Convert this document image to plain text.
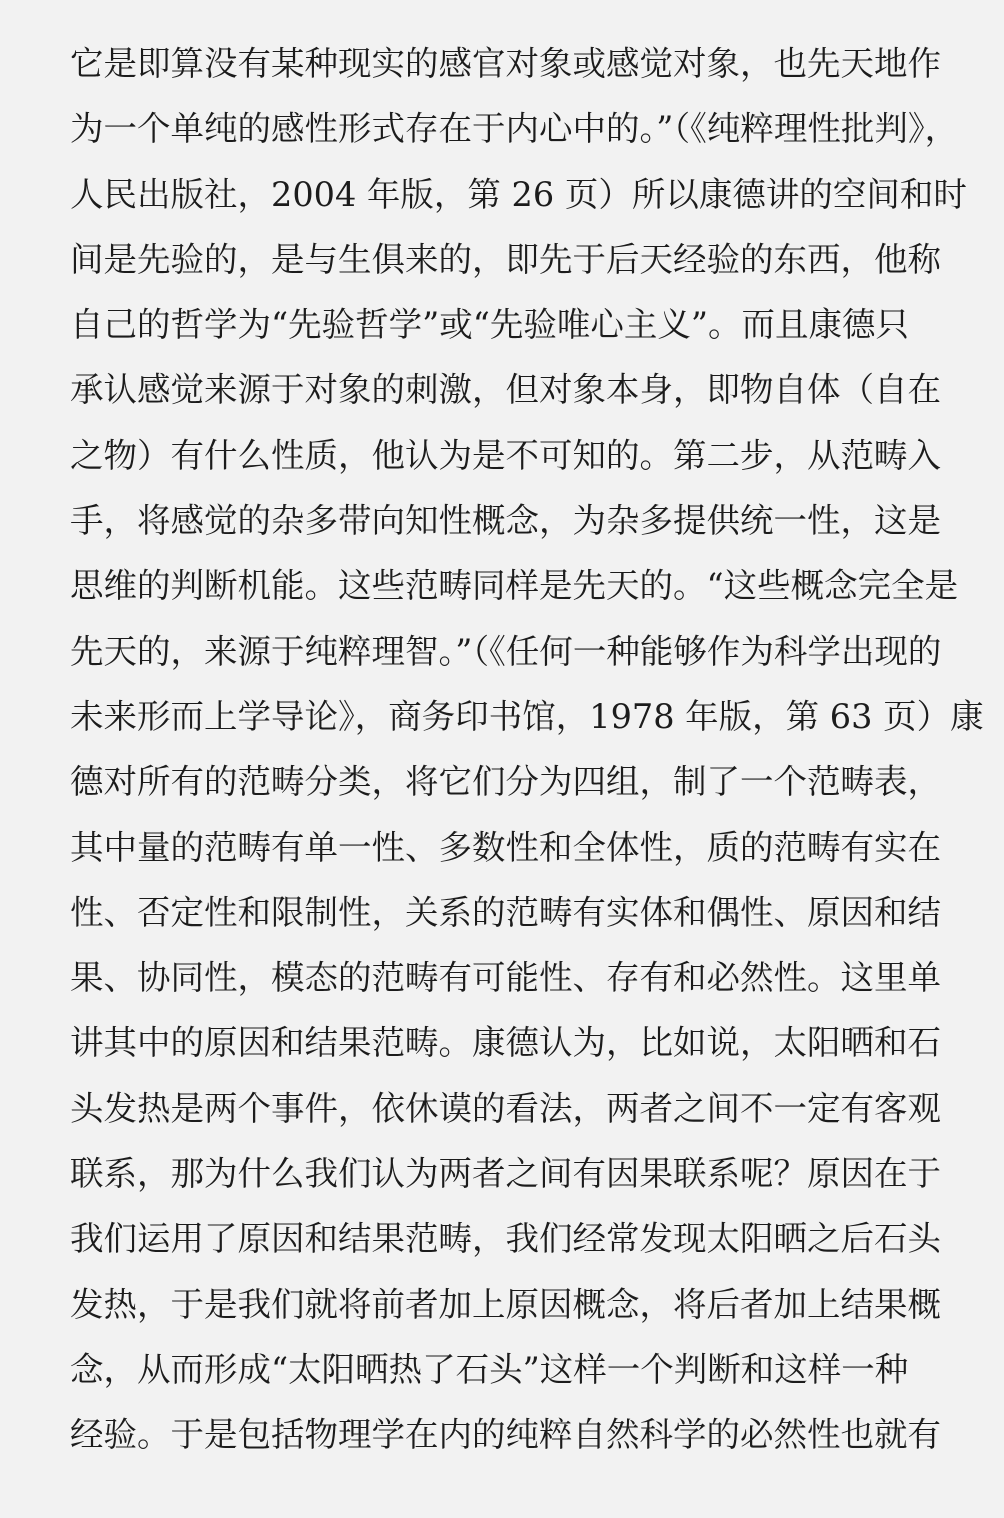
它是即算没有某种现实的感官对象或感觉对象，也先天地作
为一个单纯的感性形式存在于内心中的。”（《纯粹理性批判》，
人民出版社，2004 年版，第 26 页）所以康德讲的空间和时
间是先验的，是与生俱来的，即先于后天经验的东西，他称
自己的哲学为“先验哲学”或“先验唯心主义”。而且康德只
承认感觉来源于对象的刺激，但对象本身，即物自体（自在
之物）有什么性质，他认为是不可知的。第二步，从范畴入
手，将感觉的杂多带向知性概念，为杂多提供统一性，这是
思维的判断机能。这些范畴同样是先天的。“这些概念完全是
先天的，来源于纯粹理智。”（《任何一种能够作为科学出现的
未来形而上学导论》，商务印书馆，1978 年版，第 63 页）康
德对所有的范畴分类，将它们分为四组，制了一个范畴表，
其中量的范畴有单一性、多数性和全体性，质的范畴有实在
性、否定性和限制性，关系的范畴有实体和偶性、原因和结
果、协同性，模态的范畴有可能性、存有和必然性。这里单
讲其中的原因和结果范畴。康德认为，比如说，太阳晒和石
头发热是两个事件，依休谟的看法，两者之间不一定有客观
联系，那为什么我们认为两者之间有因果联系呢？原因在于
我们运用了原因和结果范畴，我们经常发现太阳晒之后石头
发热，于是我们就将前者加上原因概念，将后者加上结果概
念，从而形成“太阳晒热了石头”这样一个判断和这样一种
经验。于是包括物理学在内的纯粹自然科学的必然性也就有
